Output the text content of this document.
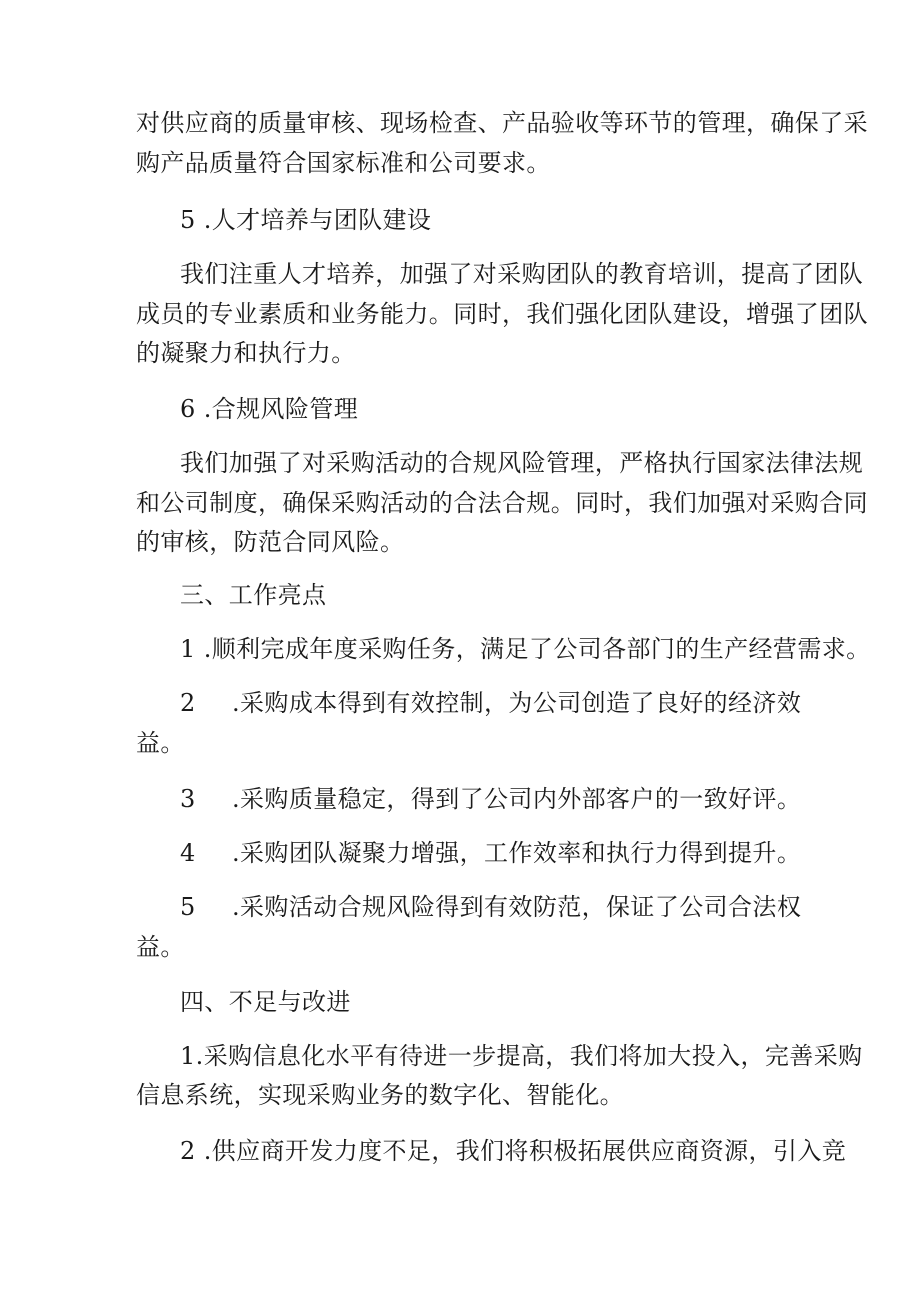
对供应商的质量审核、现场检查、产品验收等环节的管理，确保了采
购产品质量符合国家标准和公司要求。
5 .人才培养与团队建设
我们注重人才培养，加强了对采购团队的教育培训，提高了团队
成员的专业素质和业务能力。同时，我们强化团队建设，增强了团队
的凝聚力和执行力。
6 .合规风险管理
我们加强了对采购活动的合规风险管理，严格执行国家法律法规
和公司制度，确保采购活动的合法合规。同时，我们加强对采购合同
的审核，防范合同风险。
三、工作亮点
1 .顺利完成年度采购任务，满足了公司各部门的生产经营需求。
2 .采购成本得到有效控制，为公司创造了良好的经济效
益。
3 .采购质量稳定，得到了公司内外部客户的一致好评。
4 .采购团队凝聚力增强，工作效率和执行力得到提升。
5 .采购活动合规风险得到有效防范，保证了公司合法权
益。
四、不足与改进
1.采购信息化水平有待进一步提高，我们将加大投入，完善采购
信息系统，实现采购业务的数字化、智能化。
2 .供应商开发力度不足，我们将积极拓展供应商资源，引入竞
